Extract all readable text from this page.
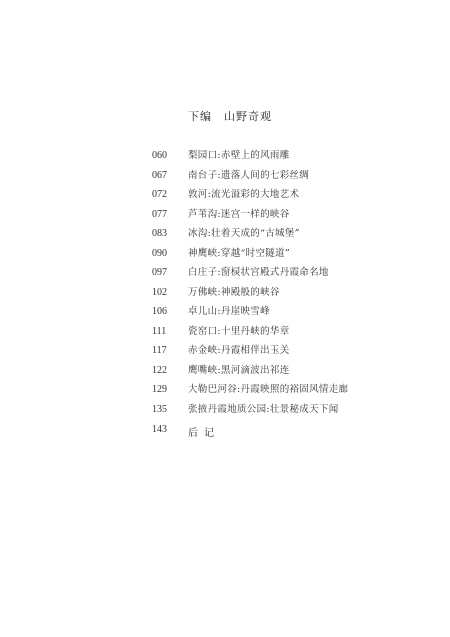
下编 山野奇观
060	梨园口:赤壁上的风雨雕
067	南台子:遗落人间的七彩丝绸
072	敦河:流光溢彩的大地艺术
077	芦苇沟:迷宫一样的峡谷
083	冰沟:壮着天成的“古城堡”
090	神鹰峡:穿越“时空隧道”
097	白庄子:窗棂状宫殿式丹霞命名地
102	万佛峡:神殿般的峡谷
106	卓儿山:丹崖映雪峰
111	瓷窑口:十里丹峡的华章
117	赤金峡:丹霞相伴出玉关
122	鹰嘴峡:黑河滴波出祁连
129	大勒巴河谷:丹霞映照的裕固风情走廊
135	张掖丹霞地质公园:壮景秘成天下闻
143	后记
